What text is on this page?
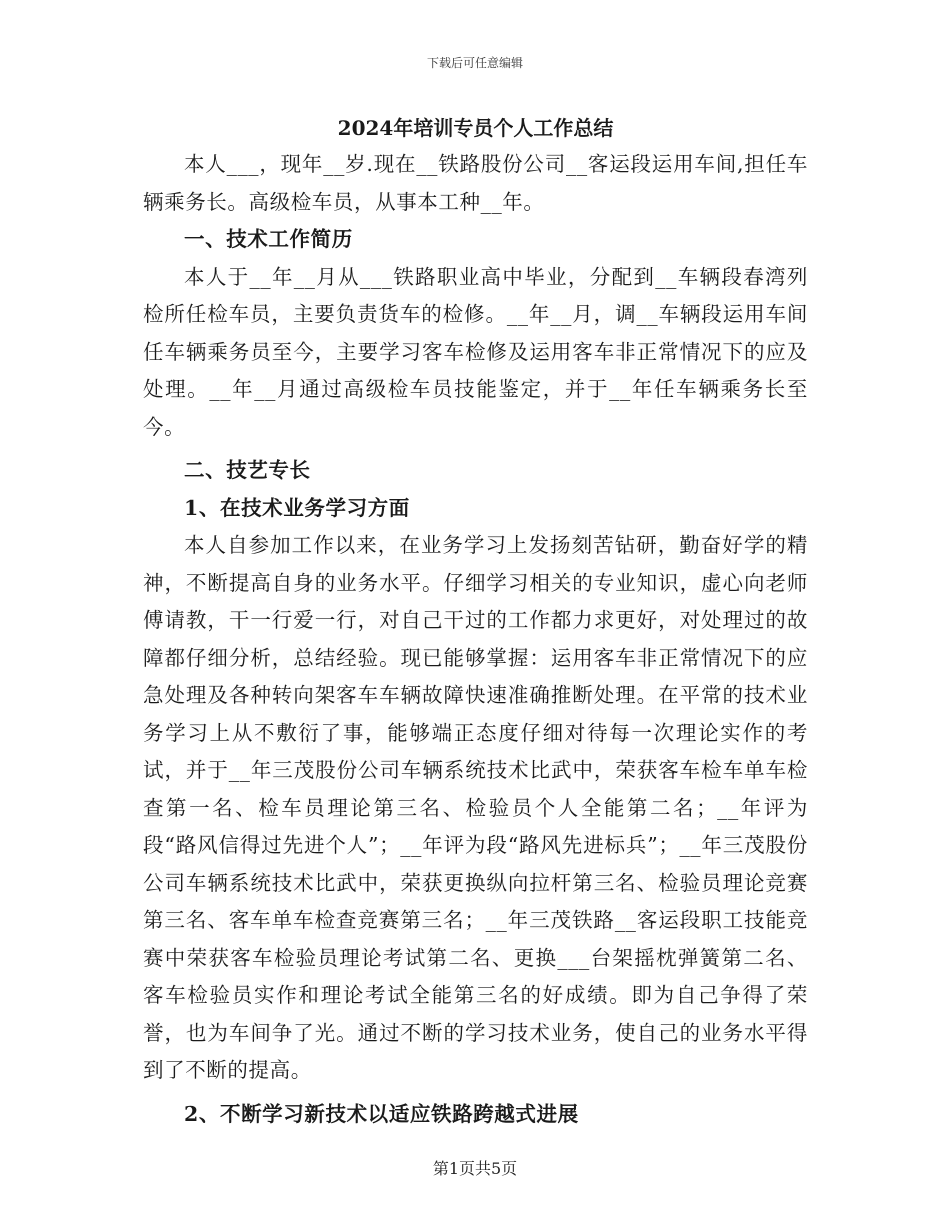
下载后可任意编辑
2024年培训专员个人工作总结

本人___，现年__岁.现在__铁路股份公司__客运段运用车间,担任车辆乘务长。高级检车员，从事本工种__年。

一、技术工作简历

本人于__年__月从___铁路职业高中毕业，分配到__车辆段春湾列检所任检车员，主要负责货车的检修。__年__月，调__车辆段运用车间任车辆乘务员至今，主要学习客车检修及运用客车非正常情况下的应及处理。__年__月通过高级检车员技能鉴定，并于__年任车辆乘务长至今。

二、技艺专长

1、在技术业务学习方面

本人自参加工作以来，在业务学习上发扬刻苦钻研，勤奋好学的精神，不断提高自身的业务水平。仔细学习相关的专业知识，虚心向老师傅请教，干一行爱一行，对自己干过的工作都力求更好，对处理过的故障都仔细分析，总结经验。现已能够掌握：运用客车非正常情况下的应急处理及各种转向架客车车辆故障快速准确推断处理。在平常的技术业务学习上从不敷衍了事，能够端正态度仔细对待每一次理论实作的考试，并于__年三茂股份公司车辆系统技术比武中，荣获客车检车单车检查第一名、检车员理论第三名、检验员个人全能第二名；__年评为段“路风信得过先进个人”；__年评为段“路风先进标兵”；__年三茂股份公司车辆系统技术比武中，荣获更换纵向拉杆第三名、检验员理论竞赛第三名、客车单车检查竞赛第三名；__年三茂铁路__客运段职工技能竞赛中荣获客车检验员理论考试第二名、更换___台架摇枕弹簧第二名、客车检验员实作和理论考试全能第三名的好成绩。即为自己争得了荣誉，也为车间争了光。通过不断的学习技术业务，使自己的业务水平得到了不断的提高。

2、不断学习新技术以适应铁路跨越式进展

第1页共5页
